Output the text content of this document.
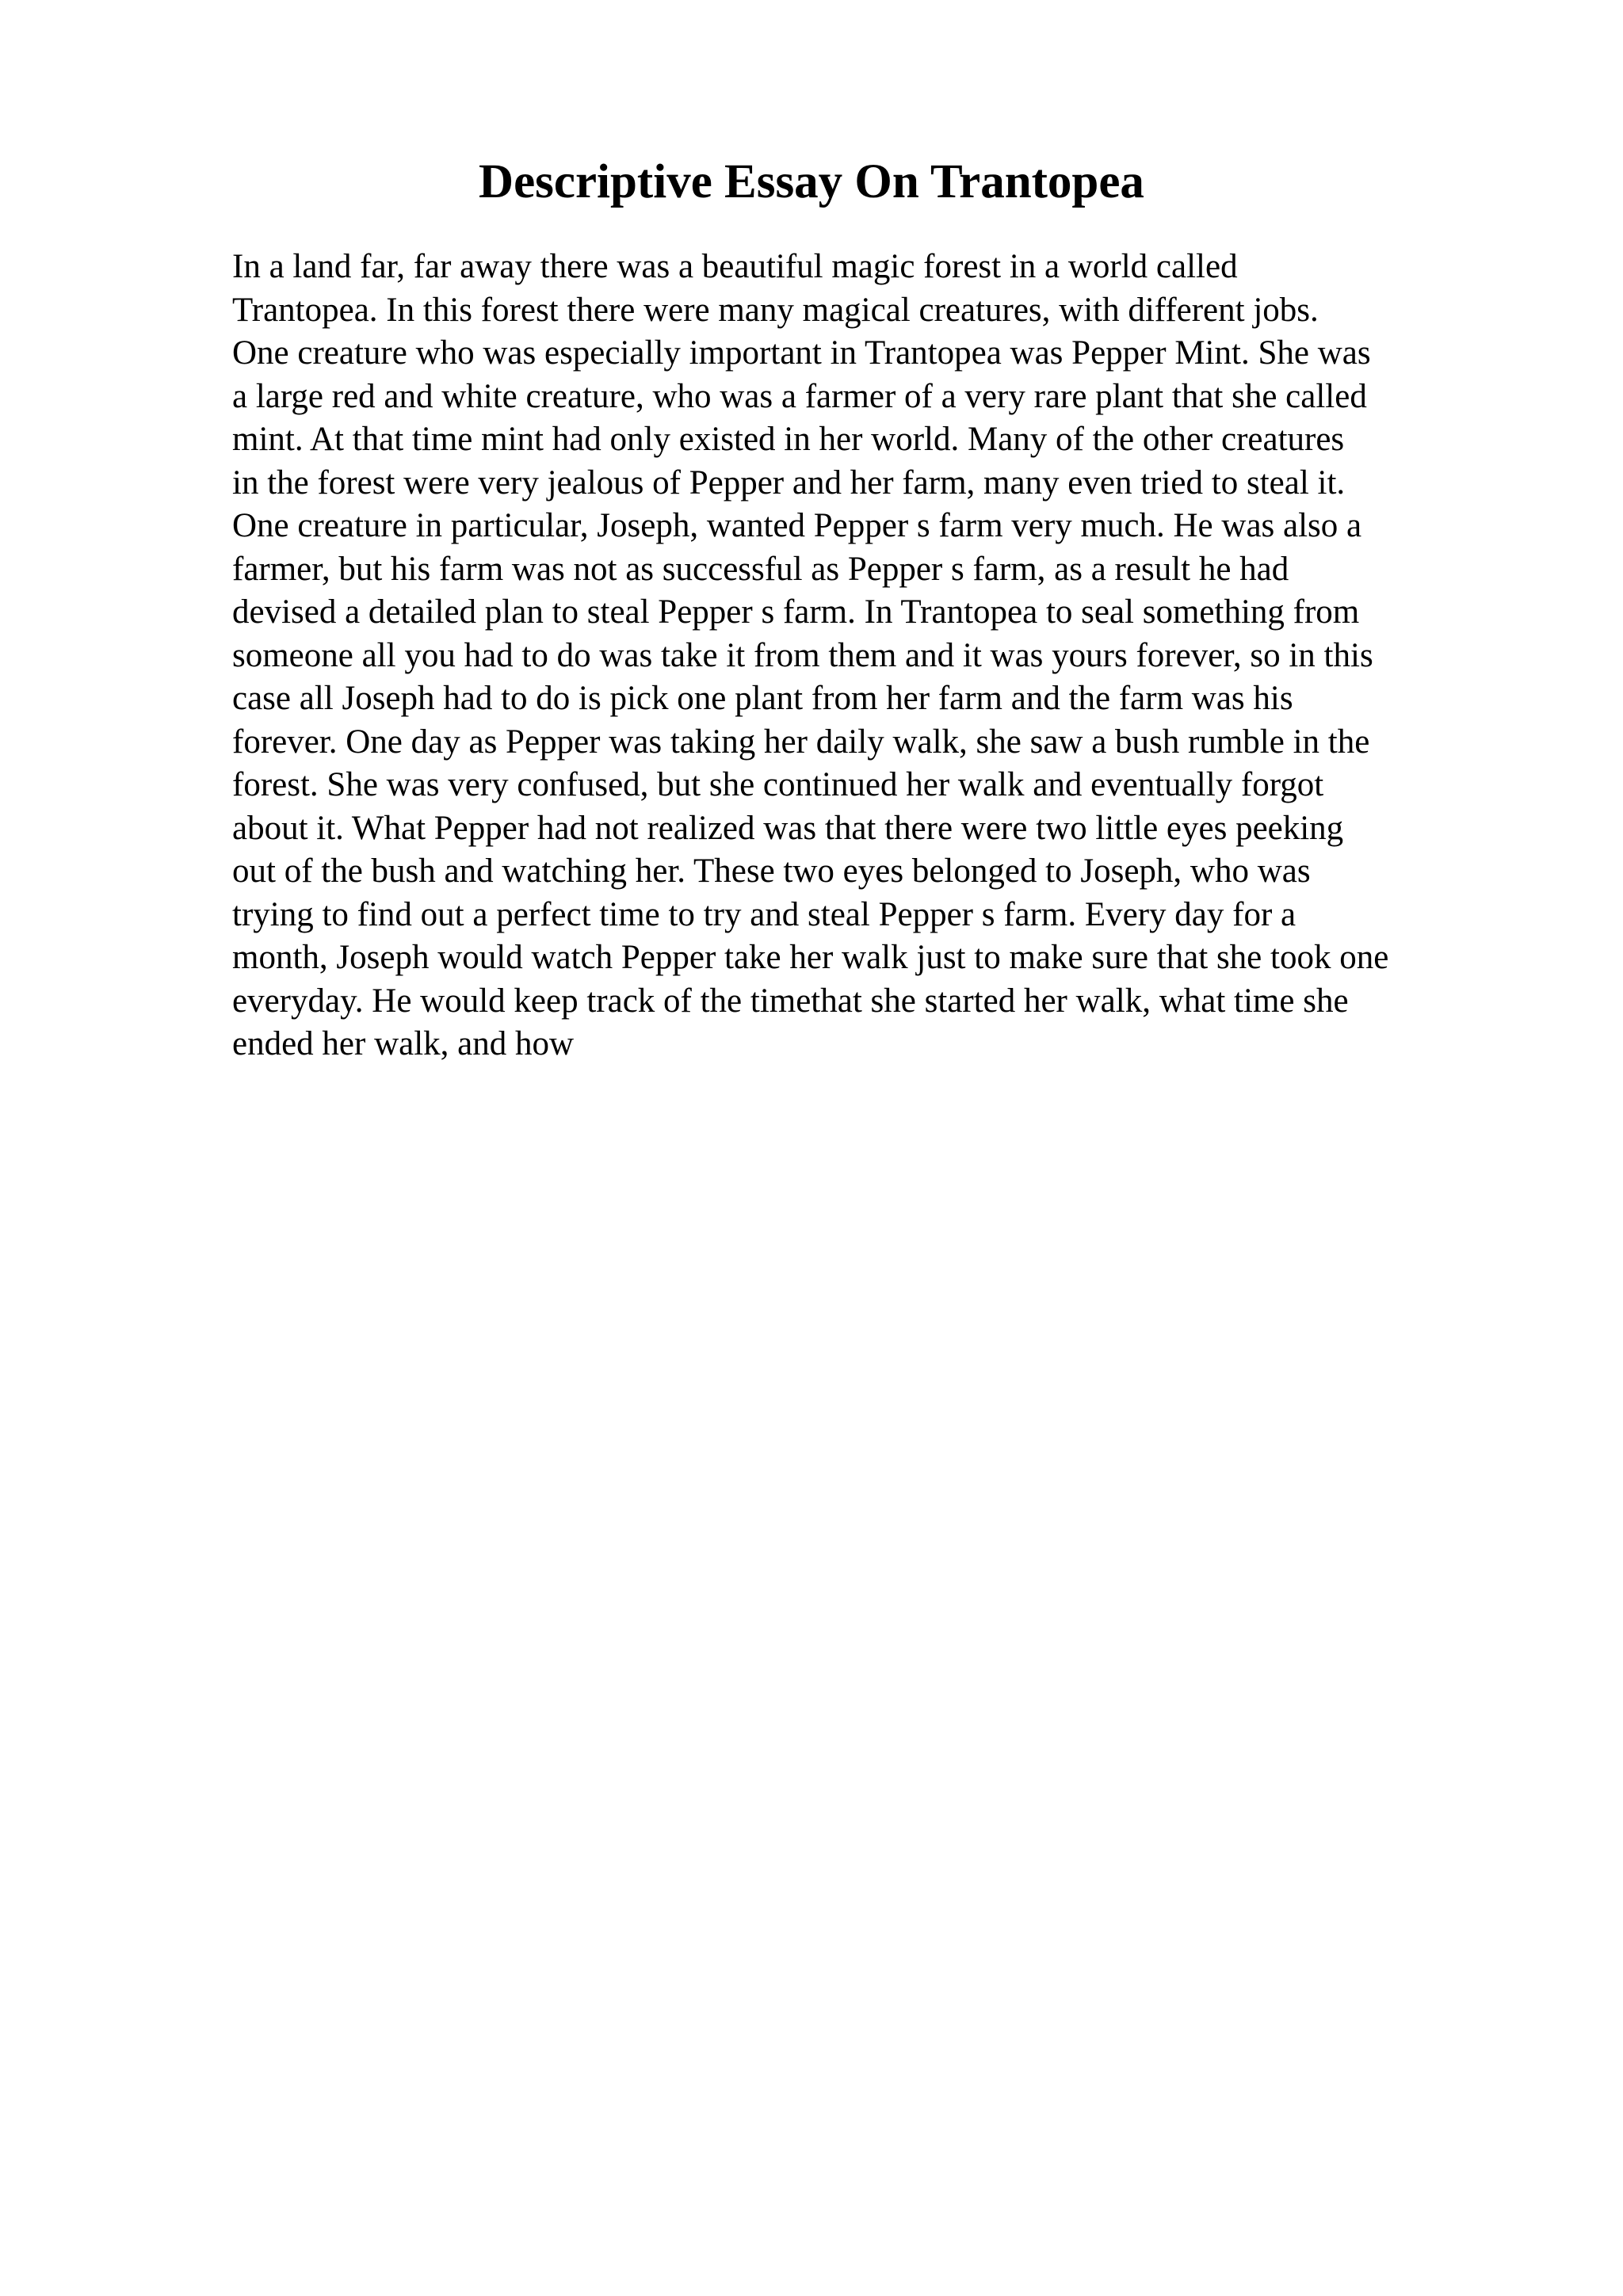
Descriptive Essay On Trantopea
In a land far, far away there was a beautiful magic forest in a world called
Trantopea. In this forest there were many magical creatures, with different jobs.
One creature who was especially important in Trantopea was Pepper Mint. She was
a large red and white creature, who was a farmer of a very rare plant that she called
mint. At that time mint had only existed in her world. Many of the other creatures
in the forest were very jealous of Pepper and her farm, many even tried to steal it.
One creature in particular, Joseph, wanted Pepper s farm very much. He was also a
farmer, but his farm was not as successful as Pepper s farm, as a result he had
devised a detailed plan to steal Pepper s farm. In Trantopea to seal something from
someone all you had to do was take it from them and it was yours forever, so in this
case all Joseph had to do is pick one plant from her farm and the farm was his
forever. One day as Pepper was taking her daily walk, she saw a bush rumble in the
forest. She was very confused, but she continued her walk and eventually forgot
about it. What Pepper had not realized was that there were two little eyes peeking
out of the bush and watching her. These two eyes belonged to Joseph, who was
trying to find out a perfect time to try and steal Pepper s farm. Every day for a
month, Joseph would watch Pepper take her walk just to make sure that she took one
everyday. He would keep track of the timethat she started her walk, what time she
ended her walk, and how
